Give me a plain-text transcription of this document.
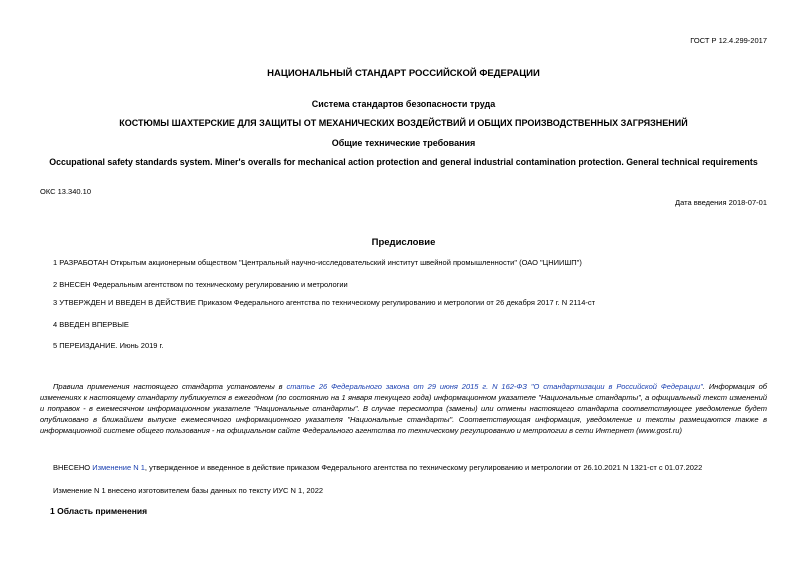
ГОСТ Р 12.4.299-2017
НАЦИОНАЛЬНЫЙ СТАНДАРТ РОССИЙСКОЙ ФЕДЕРАЦИИ
Система стандартов безопасности труда
КОСТЮМЫ ШАХТЕРСКИЕ ДЛЯ ЗАЩИТЫ ОТ МЕХАНИЧЕСКИХ ВОЗДЕЙСТВИЙ И ОБЩИХ ПРОИЗВОДСТВЕННЫХ ЗАГРЯЗНЕНИЙ
Общие технические требования
Occupational safety standards system. Miner's overalls for mechanical action protection and general industrial contamination protection. General technical requirements
ОКС 13.340.10
Дата введения 2018-07-01
Предисловие
1 РАЗРАБОТАН Открытым акционерным обществом "Центральный научно-исследовательский институт швейной промышленности" (ОАО "ЦНИИШП")
2 ВНЕСЕН Федеральным агентством по техническому регулированию и метрологии
3 УТВЕРЖДЕН И ВВЕДЕН В ДЕЙСТВИЕ Приказом Федерального агентства по техническому регулированию и метрологии от 26 декабря 2017 г. N 2114-ст
4 ВВЕДЕН ВПЕРВЫЕ
5 ПЕРЕИЗДАНИЕ. Июнь 2019 г.
Правила применения настоящего стандарта установлены в статье 26 Федерального закона от 29 июня 2015 г. N 162-ФЗ "О стандартизации в Российской Федерации". Информация об изменениях к настоящему стандарту публикуется в ежегодном (по состоянию на 1 января текущего года) информационном указателе "Национальные стандарты", а официальный текст изменений и поправок - в ежемесячном информационном указателе "Национальные стандарты". В случае пересмотра (замены) или отмены настоящего стандарта соответствующее уведомление будет опубликовано в ближайшем выпуске ежемесячного информационного указателя "Национальные стандарты". Соответствующая информация, уведомление и тексты размещаются также в информационной системе общего пользования - на официальном сайте Федерального агентства по техническому регулированию и метрологии в сети Интернет (www.gost.ru)
ВНЕСЕНО Изменение N 1, утвержденное и введенное в действие приказом Федерального агентства по техническому регулированию и метрологии от 26.10.2021 N 1321-ст с 01.07.2022
Изменение N 1 внесено изготовителем базы данных по тексту ИУС N 1, 2022
1 Область применения
